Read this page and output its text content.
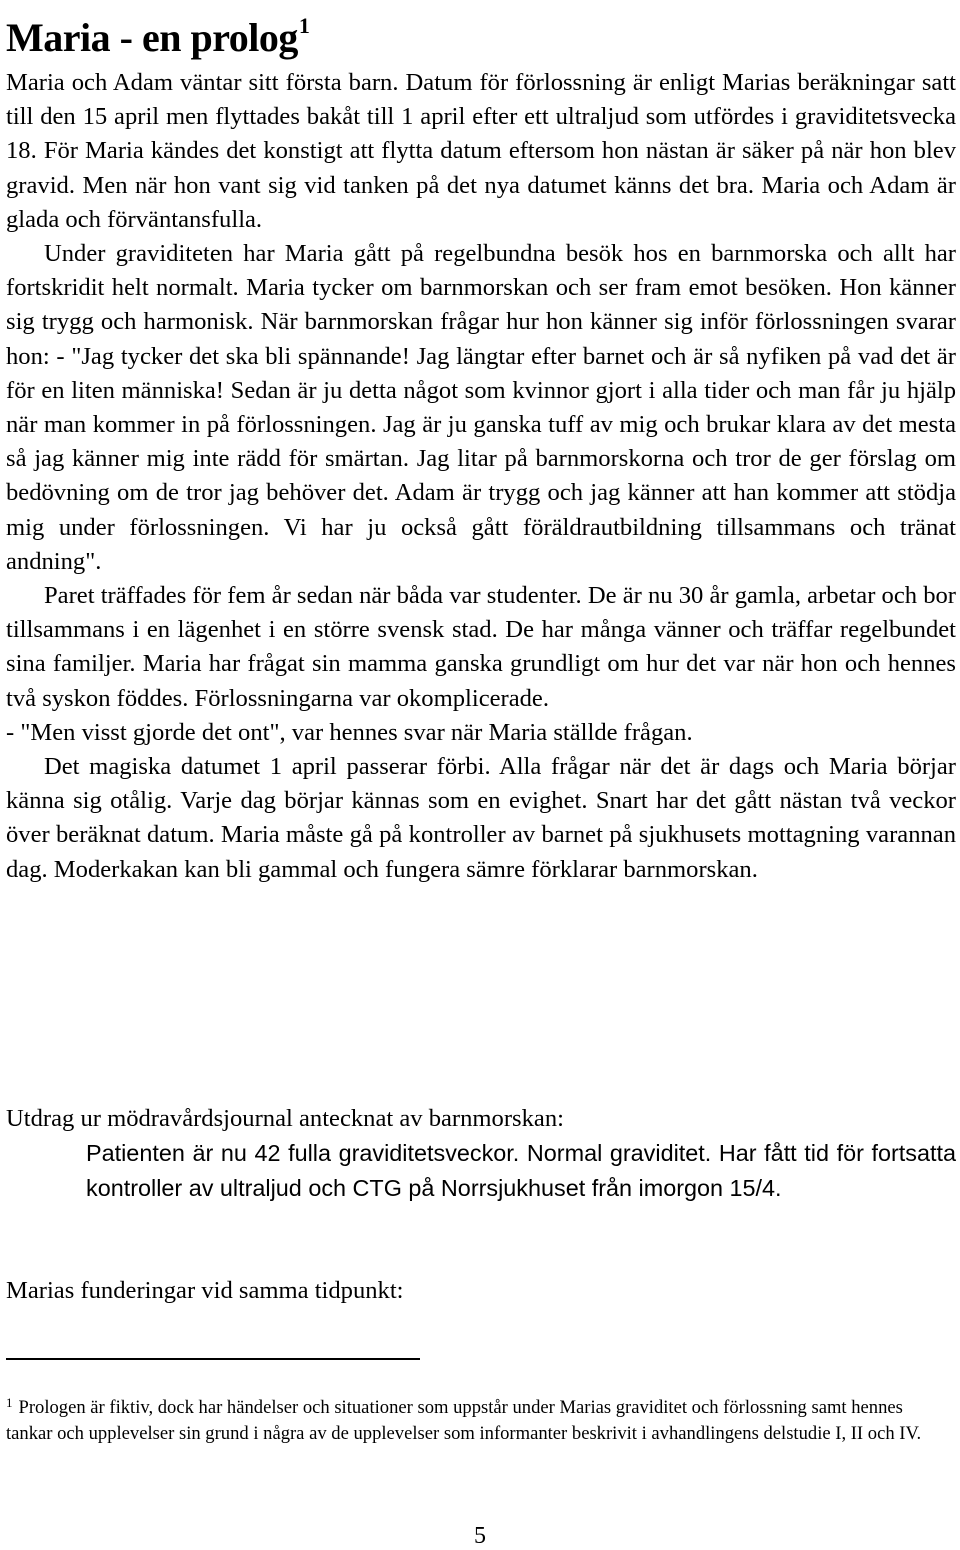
Maria - en prolog$^1$

Maria och Adam väntar sitt första barn. Datum för förlossning är enligt Marias beräkningar satt till den 15 april men flyttades bakåt till 1 april efter ett ultraljud som utfördes i graviditetsvecka 18. För Maria kändes det konstigt att flytta datum eftersom hon nästan är säker på när hon blev gravid. Men när hon vant sig vid tanken på det nya datumet känns det bra. Maria och Adam är glada och förväntansfulla.

Under graviditeten har Maria gått på regelbundna besök hos en barnmorska och allt har fortskridit helt normalt. Maria tycker om barnmorskan och ser fram emot besöken. Hon känner sig trygg och harmonisk. När barnmorskan frågar hur hon känner sig inför förlossningen svarar hon: - "Jag tycker det ska bli spännande! Jag längtar efter barnet och är så nyfiken på vad det är för en liten människa! Sedan är ju detta något som kvinnor gjort i alla tider och man får ju hjälp när man kommer in på förlossningen. Jag är ju ganska tuff av mig och brukar klara av det mesta så jag känner mig inte rädd för smärtan. Jag litar på barnmorskorna och tror de ger förslag om bedövning om de tror jag behöver det. Adam är trygg och jag känner att han kommer att stödja mig under förlossningen. Vi har ju också gått föräldrautbildning tillsammans och tränat andning".

Paret träffades för fem år sedan när båda var studenter. De är nu 30 år gamla, arbetar och bor tillsammans i en lägenhet i en större svensk stad. De har många vänner och träffar regelbundet sina familjer. Maria har frågat sin mamma ganska grundligt om hur det var när hon och hennes två syskon föddes. Förlossningarna var okomplicerade.

- "Men visst gjorde det ont", var hennes svar när Maria ställde frågan.

Det magiska datumet 1 april passerar förbi. Alla frågar när det är dags och Maria börjar känna sig otålig. Varje dag börjar kännas som en evighet. Snart har det gått nästan två veckor över beräknat datum. Maria måste gå på kontroller av barnet på sjukhusets mottagning varannan dag. Moderkakan kan bli gammal och fungera sämre förklarar barnmorskan.

Utdrag ur mödravårdsjournal antecknat av barnmorskan:
Patienten är nu 42 fulla graviditetsveckor. Normal graviditet. Har fått tid för fortsatta kontroller av ultraljud och CTG på Norrsjukhuset från imorgon 15/4.
Marias funderingar vid samma tidpunkt:
$^1$ Prologen är fiktiv, dock har händelser och situationer som uppstår under Marias graviditet och förlossning samt hennes tankar och upplevelser sin grund i några av de upplevelser som informanter beskrivit i avhandlingens delstudie I, II och IV.
5
